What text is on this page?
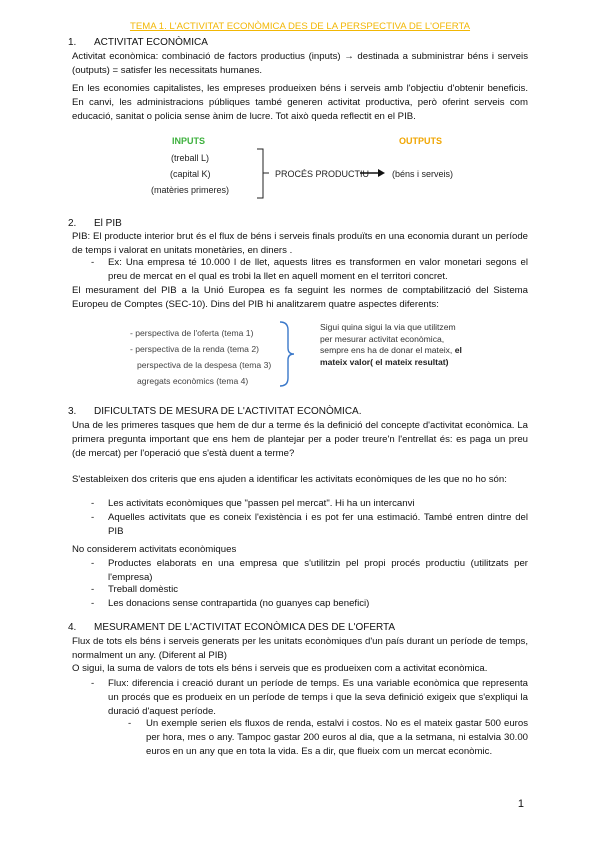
TEMA 1. L'ACTIVITAT ECONÒMICA DES DE LA PERSPECTIVA DE L'OFERTA
1. ACTIVITAT ECONÒMICA
Activitat econòmica: combinació de factors productius (inputs) → destinada a subministrar béns i serveis (outputs) = satisfer les necessitats humanes.
En les economies capitalistes, les empreses produeixen béns i serveis amb l'objectiu d'obtenir beneficis. En canvi, les administracions públiques també generen activitat productiva, però oferint serveis com educació, sanitat o policia sense ànim de lucre. Tot això queda reflectit en el PIB.
INPUTS	OUTPUTS
(treball L)
(capital K)
(matèries primeres)
PROCÉS PRODUCTIU	(béns i serveis)
2. El PIB
PIB: El producte interior brut és el flux de béns i serveis finals produïts en una economia durant un període de temps i valorat en unitats monetàries, en diners .
- Ex: Una empresa té 10.000 l de llet, aquests litres es transformen en valor monetari segons el preu de mercat en el qual es trobi la llet en aquell moment en el territori concret.
El mesurament del PIB a la Unió Europea es fa seguint les normes de comptabilització del Sistema Europeu de Comptes (SEC-10). Dins del PIB hi analitzarem quatre aspectes diferents:
- perspectiva de l'oferta (tema 1)
- perspectiva de la renda (tema 2)
perspectiva de la despesa (tema 3)
agregats econòmics (tema 4)
Sigui quina sigui la via que utilitzem per mesurar activitat econòmica, sempre ens ha de donar el mateix, el mateix valor( el mateix resultat)
3. DIFICULTATS DE MESURA DE L'ACTIVITAT ECONÒMICA.
Una de les primeres tasques que hem de dur a terme és la definició del concepte d'activitat econòmica. La primera pregunta important que ens hem de plantejar per a poder treure'n l'entrellat és: es paga un preu (de mercat) per l'operació que s'està duent a terme?
S'estableixen dos criteris que ens ajuden a identificar les activitats econòmiques de les que no ho són:
- Les activitats econòmiques que "passen pel mercat". Hi ha un intercanvi
- Aquelles activitats que es coneix l'existència i es pot fer una estimació. També entren dintre del PIB
No considerem activitats econòmiques
- Productes elaborats en una empresa que s'utilitzin pel propi procés productiu (utilitzats per l'empresa)
- Treball domèstic
- Les donacions sense contrapartida (no guanyes cap benefici)
4. MESURAMENT DE L'ACTIVITAT ECONÒMICA DES DE L'OFERTA
Flux de tots els béns i serveis generats per les unitats econòmiques d'un país durant un període de temps, normalment un any. (Diferent al PIB)
O sigui, la suma de valors de tots els béns i serveis que es produeixen com a activitat econòmica.
- Flux: diferencia i creació durant un període de temps. Es una variable econòmica que representa un procés que es produeix en un període de temps i que la seva definició exigeix que s'expliqui la duració d'aquest període.
- Un exemple serien els fluxos de renda, estalvi i costos. No es el mateix gastar 500 euros per hora, mes o any. Tampoc gastar 200 euros al dia, que a la setmana, ni estalvia 30.00 euros en un any que en tota la vida. Es a dir, que flueix com un mercat econòmic.
1
